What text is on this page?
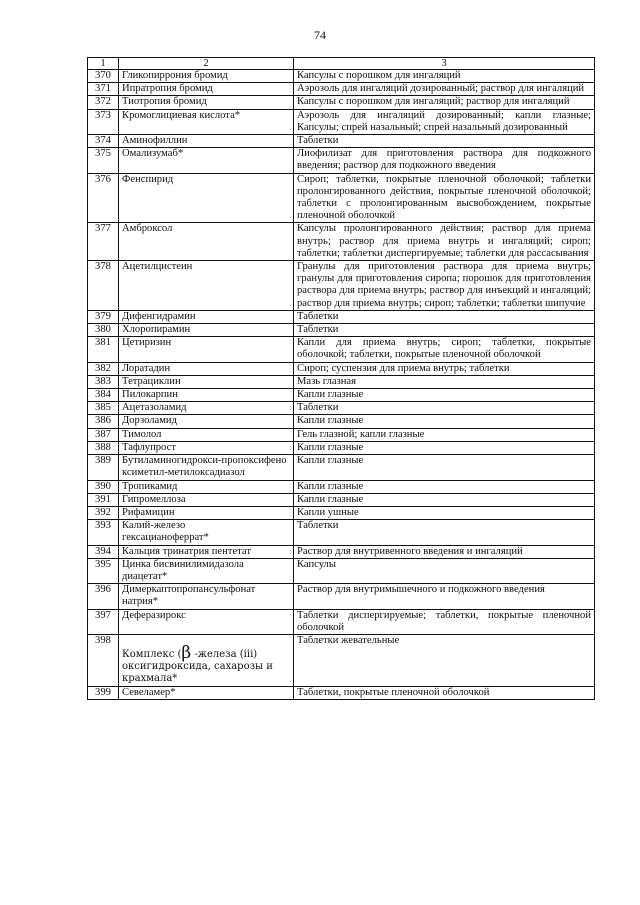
74
1	2	3
370	Гликопиррония бромид	Капсулы с порошком для ингаляций
371	Ипратропия бромид	Аэрозоль для ингаляций дозированный; раствор для ингаляций
372	Тиотропия бромид	Капсулы с порошком для ингаляций; раствор для ингаляций
373	Кромоглициевая кислота*	Аэрозоль для ингаляций дозированный; капли глазные; Капсулы; спрей назальный; спрей назальный дозированный
374	Аминофиллин	Таблетки
375	Омализумаб*	Лиофилизат для приготовления раствора для подкожного введения; раствор для подкожного введения
376	Фенспирид	Сироп; таблетки, покрытые пленочной оболочкой; таблетки пролонгированного действия, покрытые пленочной оболочкой; таблетки с пролонгированным высвобождением, покрытые пленочной оболочкой
377	Амброксол	Капсулы пролонгированного действия; раствор для приема внутрь; раствор для приема внутрь и ингаляций; сироп; таблетки; таблетки диспергируемые; таблетки для рассасывания
378	Ацетилцистеин	Гранулы для приготовления раствора для приема внутрь; гранулы для приготовления сиропа; порошок для приготовления раствора для приема внутрь; раствор для инъекций и ингаляций; раствор для приема внутрь; сироп; таблетки; таблетки шипучие
379	Дифенгидрамин	Таблетки
380	Хлоропирамин	Таблетки
381	Цетиризин	Капли для приема внутрь; сироп; таблетки, покрытые оболочкой; таблетки, покрытые пленочной оболочкой
382	Лоратадин	Сироп; суспензия для приема внутрь; таблетки
383	Тетрациклин	Мазь глазная
384	Пилокарпин	Капли глазные
385	Ацетазоламид	Таблетки
386	Дорзоламид	Капли глазные
387	Тимолол	Гель глазной; капли глазные
388	Тафлупрост	Капли глазные
389	Бутиламиногидрокси-пропоксифеноксиметил-метилоксадиазол	Капли глазные
390	Тропикамид	Капли глазные
391	Гипромеллоза	Капли глазные
392	Рифамицин	Капли ушные
393	Калий-железо гексацианоферрат*	Таблетки
394	Кальция тринатрия пентетат	Раствор для внутривенного введения и ингаляций
395	Цинка бисвинилимидазола диацетат*	Капсулы
396	Димеркаптопропансульфонат натрия*	Раствор для внутримышечного и подкожного введения
397	Деферазирокс	Таблетки диспергируемые; таблетки, покрытые пленочной оболочкой
398	Комплекс (β -железа (iii) оксигидроксида, сахарозы и крахмала*	Таблетки жевательные
399	Севеламер*	Таблетки, покрытые пленочной оболочкой
